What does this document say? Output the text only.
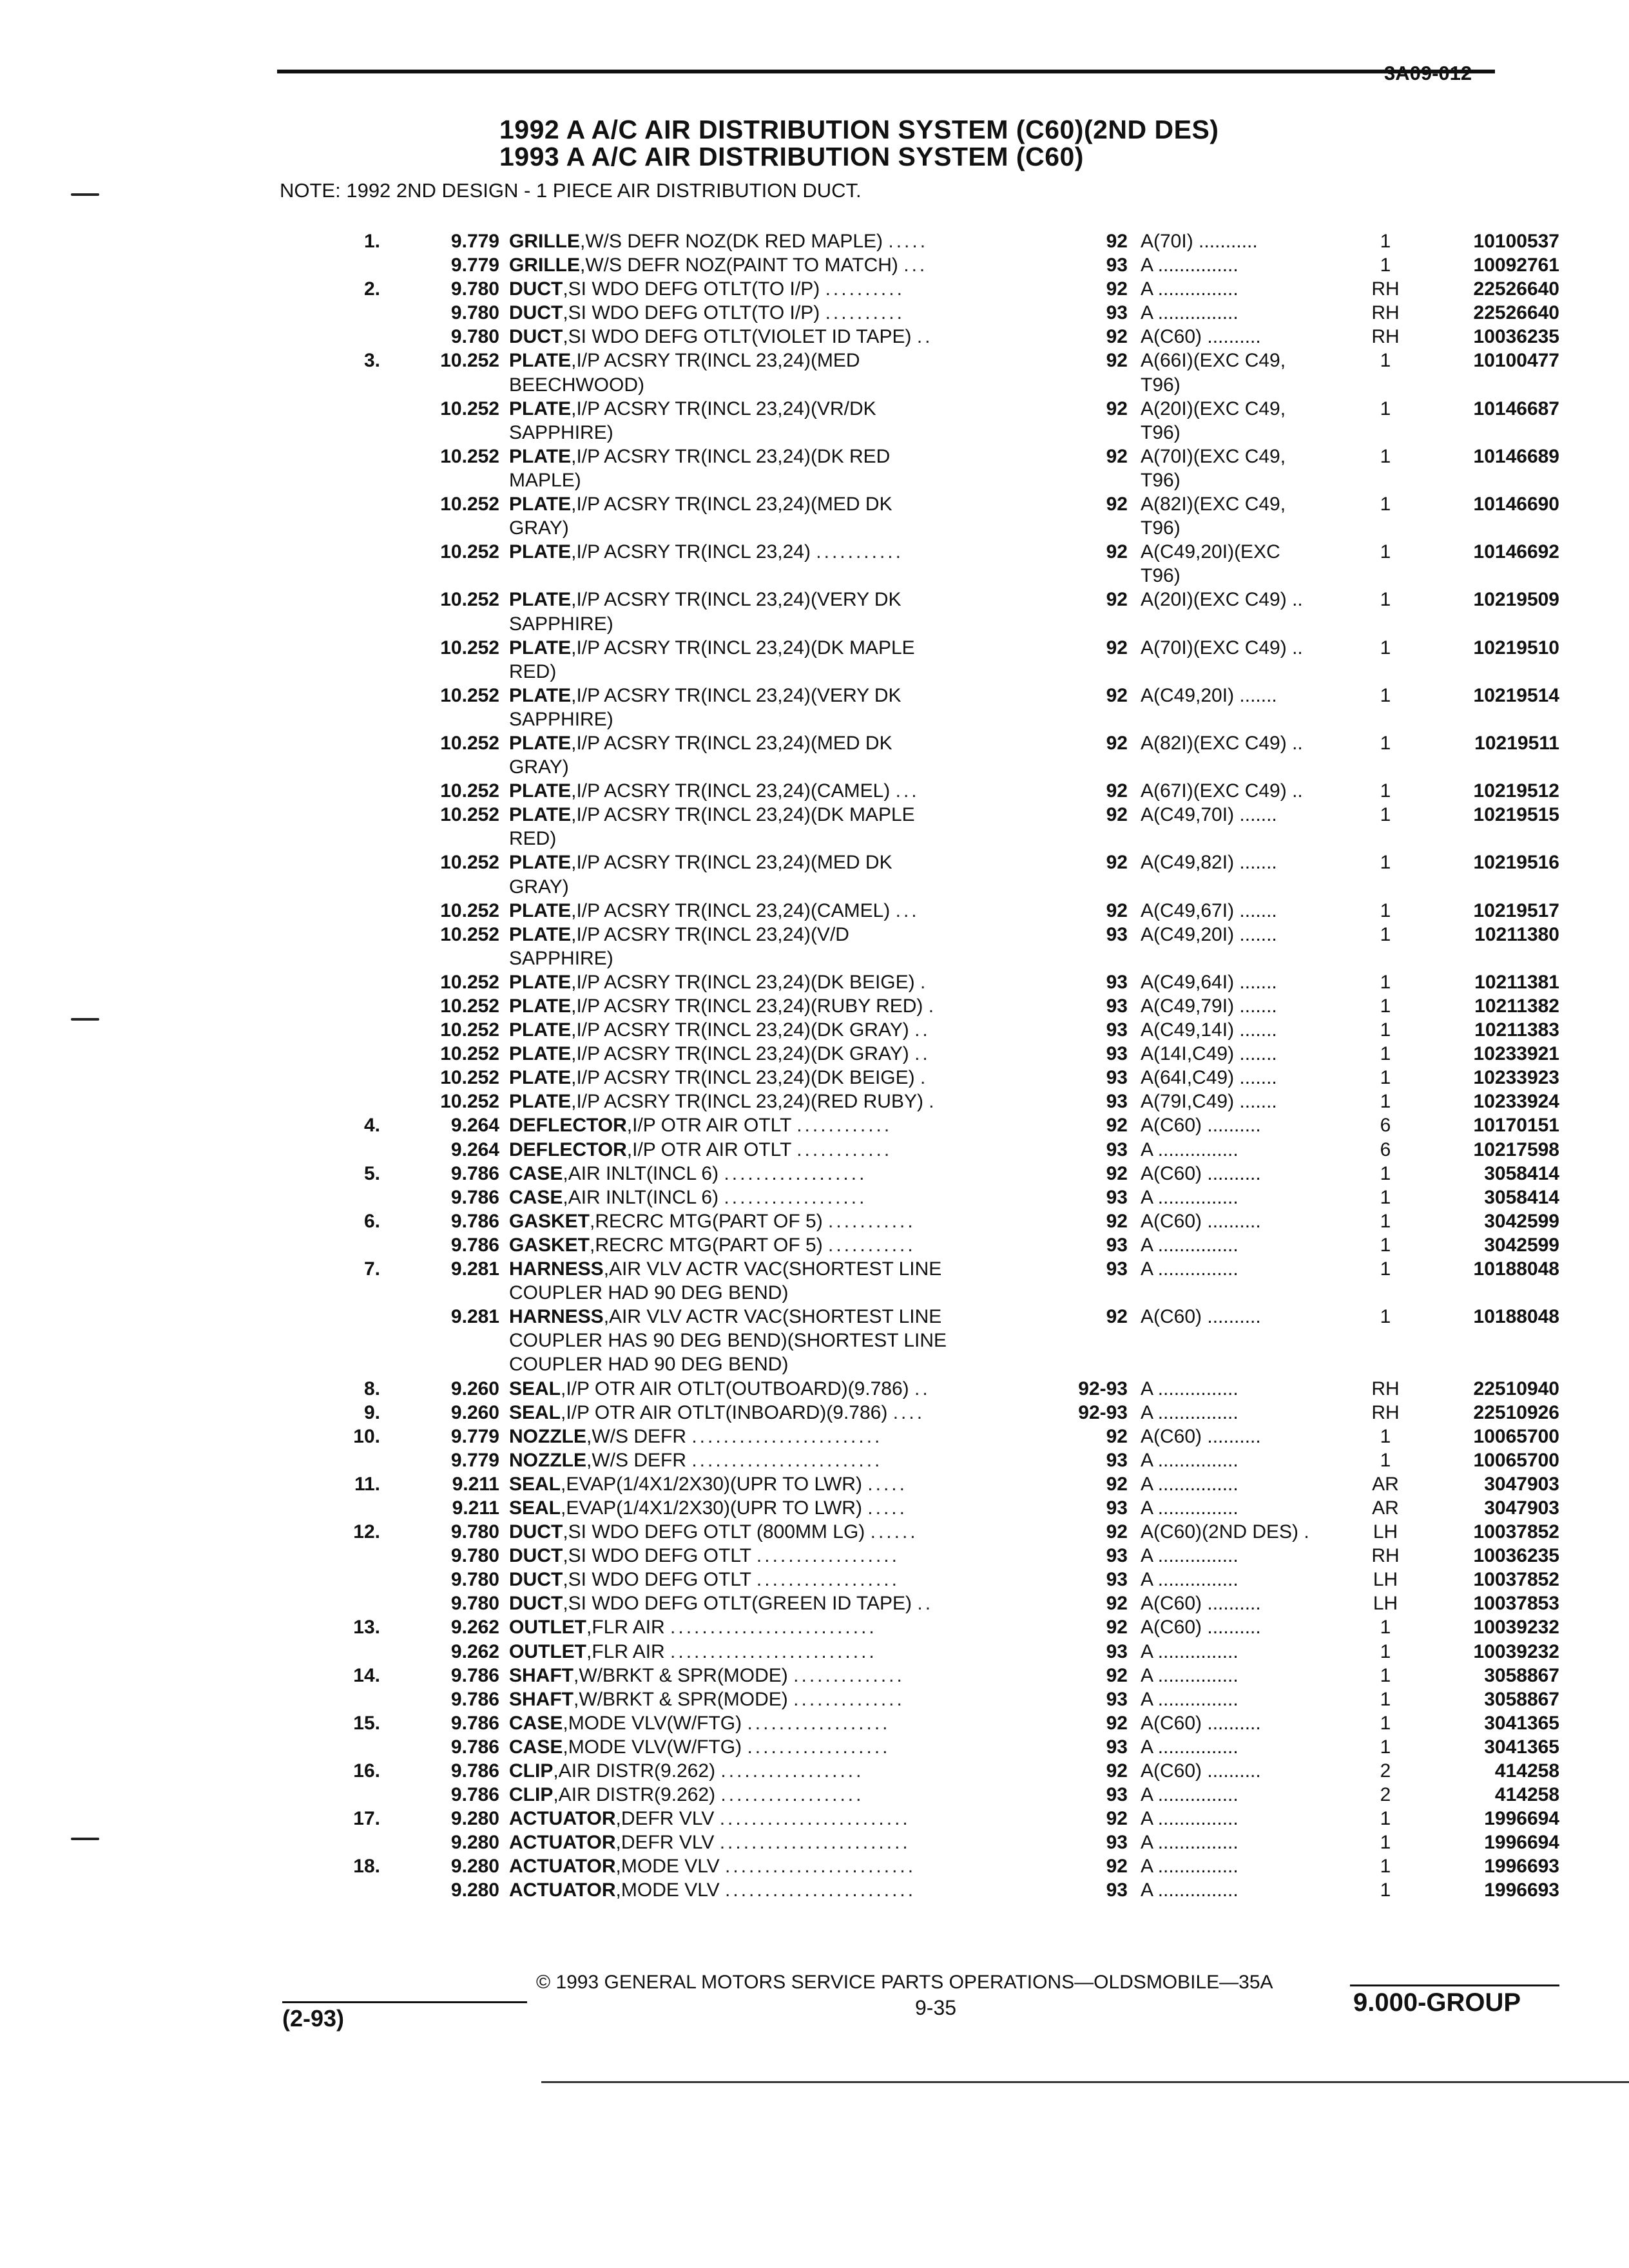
3A09-012
1992 A A/C AIR DISTRIBUTION SYSTEM (C60)(2ND DES)
1993 A A/C AIR DISTRIBUTION SYSTEM (C60)
NOTE: 1992 2ND DESIGN - 1 PIECE AIR DISTRIBUTION DUCT.
1.	9.779 GRILLE,W/S DEFR NOZ(DK RED MAPLE) .....	92 A(70I) ...........	1	10100537
9.779 GRILLE,W/S DEFR NOZ(PAINT TO MATCH) ...	93 A ...............	1	10092761
2.	9.780 DUCT,SI WDO DEFG OTLT(TO I/P) ..........	92 A ...............	RH	22526640
9.780 DUCT,SI WDO DEFG OTLT(TO I/P) ..........	93 A ...............	RH	22526640
9.780 DUCT,SI WDO DEFG OTLT(VIOLET ID TAPE) ..	92 A(C60) ..........	RH	10036235
3.	10.252 PLATE,I/P ACSRY TR(INCL 23,24)(MED	92 A(66I)(EXC C49,	1	10100477
BEECHWOOD)	T96)
10.252 PLATE,I/P ACSRY TR(INCL 23,24)(VR/DK	92 A(20I)(EXC C49,	1	10146687
SAPPHIRE)	T96)
10.252 PLATE,I/P ACSRY TR(INCL 23,24)(DK RED	92 A(70I)(EXC C49,	1	10146689
MAPLE)	T96)
10.252 PLATE,I/P ACSRY TR(INCL 23,24)(MED DK	92 A(82I)(EXC C49,	1	10146690
GRAY)	T96)
10.252 PLATE,I/P ACSRY TR(INCL 23,24) ...........	92 A(C49,20I)(EXC	1	10146692
T96)
10.252 PLATE,I/P ACSRY TR(INCL 23,24)(VERY DK	92 A(20I)(EXC C49) ..	1	10219509
SAPPHIRE)
10.252 PLATE,I/P ACSRY TR(INCL 23,24)(DK MAPLE	92 A(70I)(EXC C49) ..	1	10219510
RED)
10.252 PLATE,I/P ACSRY TR(INCL 23,24)(VERY DK	92 A(C49,20I) .......	1	10219514
SAPPHIRE)
10.252 PLATE,I/P ACSRY TR(INCL 23,24)(MED DK	92 A(82I)(EXC C49) ..	1	10219511
GRAY)
10.252 PLATE,I/P ACSRY TR(INCL 23,24)(CAMEL) ...	92 A(67I)(EXC C49) ..	1	10219512
10.252 PLATE,I/P ACSRY TR(INCL 23,24)(DK MAPLE	92 A(C49,70I) .......	1	10219515
RED)
10.252 PLATE,I/P ACSRY TR(INCL 23,24)(MED DK	92 A(C49,82I) .......	1	10219516
GRAY)
10.252 PLATE,I/P ACSRY TR(INCL 23,24)(CAMEL) ...	92 A(C49,67I) .......	1	10219517
10.252 PLATE,I/P ACSRY TR(INCL 23,24)(V/D	93 A(C49,20I) .......	1	10211380
SAPPHIRE)
10.252 PLATE,I/P ACSRY TR(INCL 23,24)(DK BEIGE) .	93 A(C49,64I) .......	1	10211381
10.252 PLATE,I/P ACSRY TR(INCL 23,24)(RUBY RED) .	93 A(C49,79I) .......	1	10211382
10.252 PLATE,I/P ACSRY TR(INCL 23,24)(DK GRAY) ..	93 A(C49,14I) .......	1	10211383
10.252 PLATE,I/P ACSRY TR(INCL 23,24)(DK GRAY) ..	93 A(14I,C49) .......	1	10233921
10.252 PLATE,I/P ACSRY TR(INCL 23,24)(DK BEIGE) .	93 A(64I,C49) .......	1	10233923
10.252 PLATE,I/P ACSRY TR(INCL 23,24)(RED RUBY) .	93 A(79I,C49) .......	1	10233924
4.	9.264 DEFLECTOR,I/P OTR AIR OTLT ............	92 A(C60) ..........	6	10170151
9.264 DEFLECTOR,I/P OTR AIR OTLT ............	93 A ...............	6	10217598
5.	9.786 CASE,AIR INLT(INCL 6) ..................	92 A(C60) ..........	1	3058414
9.786 CASE,AIR INLT(INCL 6) ..................	93 A ...............	1	3058414
6.	9.786 GASKET,RECRC MTG(PART OF 5) ...........	92 A(C60) ..........	1	3042599
9.786 GASKET,RECRC MTG(PART OF 5) ...........	93 A ...............	1	3042599
7.	9.281 HARNESS,AIR VLV ACTR VAC(SHORTEST LINE	93 A ...............	1	10188048
COUPLER HAD 90 DEG BEND)
9.281 HARNESS,AIR VLV ACTR VAC(SHORTEST LINE	92 A(C60) ..........	1	10188048
COUPLER HAS 90 DEG BEND)(SHORTEST LINE
COUPLER HAD 90 DEG BEND)
8.	9.260 SEAL,I/P OTR AIR OTLT(OUTBOARD)(9.786) ..	92-93 A ...............	RH	22510940
9.	9.260 SEAL,I/P OTR AIR OTLT(INBOARD)(9.786) ....	92-93 A ...............	RH	22510926
10.	9.779 NOZZLE,W/S DEFR ........................	92 A(C60) ..........	1	10065700
9.779 NOZZLE,W/S DEFR ........................	93 A ...............	1	10065700
11.	9.211 SEAL,EVAP(1/4X1/2X30)(UPR TO LWR) .....	92 A ...............	AR	3047903
9.211 SEAL,EVAP(1/4X1/2X30)(UPR TO LWR) .....	93 A ...............	AR	3047903
12.	9.780 DUCT,SI WDO DEFG OTLT (800MM LG) ......	92 A(C60)(2ND DES) .	LH	10037852
9.780 DUCT,SI WDO DEFG OTLT ..................	93 A ...............	RH	10036235
9.780 DUCT,SI WDO DEFG OTLT ..................	93 A ...............	LH	10037852
9.780 DUCT,SI WDO DEFG OTLT(GREEN ID TAPE) ..	92 A(C60) ..........	LH	10037853
13.	9.262 OUTLET,FLR AIR ..........................	92 A(C60) ..........	1	10039232
9.262 OUTLET,FLR AIR ..........................	93 A ...............	1	10039232
14.	9.786 SHAFT,W/BRKT & SPR(MODE) ..............	92 A ...............	1	3058867
9.786 SHAFT,W/BRKT & SPR(MODE) ..............	93 A ...............	1	3058867
15.	9.786 CASE,MODE VLV(W/FTG) ..................	92 A(C60) ..........	1	3041365
9.786 CASE,MODE VLV(W/FTG) ..................	93 A ...............	1	3041365
16.	9.786 CLIP,AIR DISTR(9.262) ..................	92 A(C60) ..........	2	414258
9.786 CLIP,AIR DISTR(9.262) ..................	93 A ...............	2	414258
17.	9.280 ACTUATOR,DEFR VLV ........................	92 A ...............	1	1996694
9.280 ACTUATOR,DEFR VLV ........................	93 A ...............	1	1996694
18.	9.280 ACTUATOR,MODE VLV ........................	92 A ...............	1	1996693
9.280 ACTUATOR,MODE VLV ........................	93 A ...............	1	1996693
© 1993 GENERAL MOTORS SERVICE PARTS OPERATIONS—OLDSMOBILE—35A
(2-93)	9-35	9.000-GROUP
